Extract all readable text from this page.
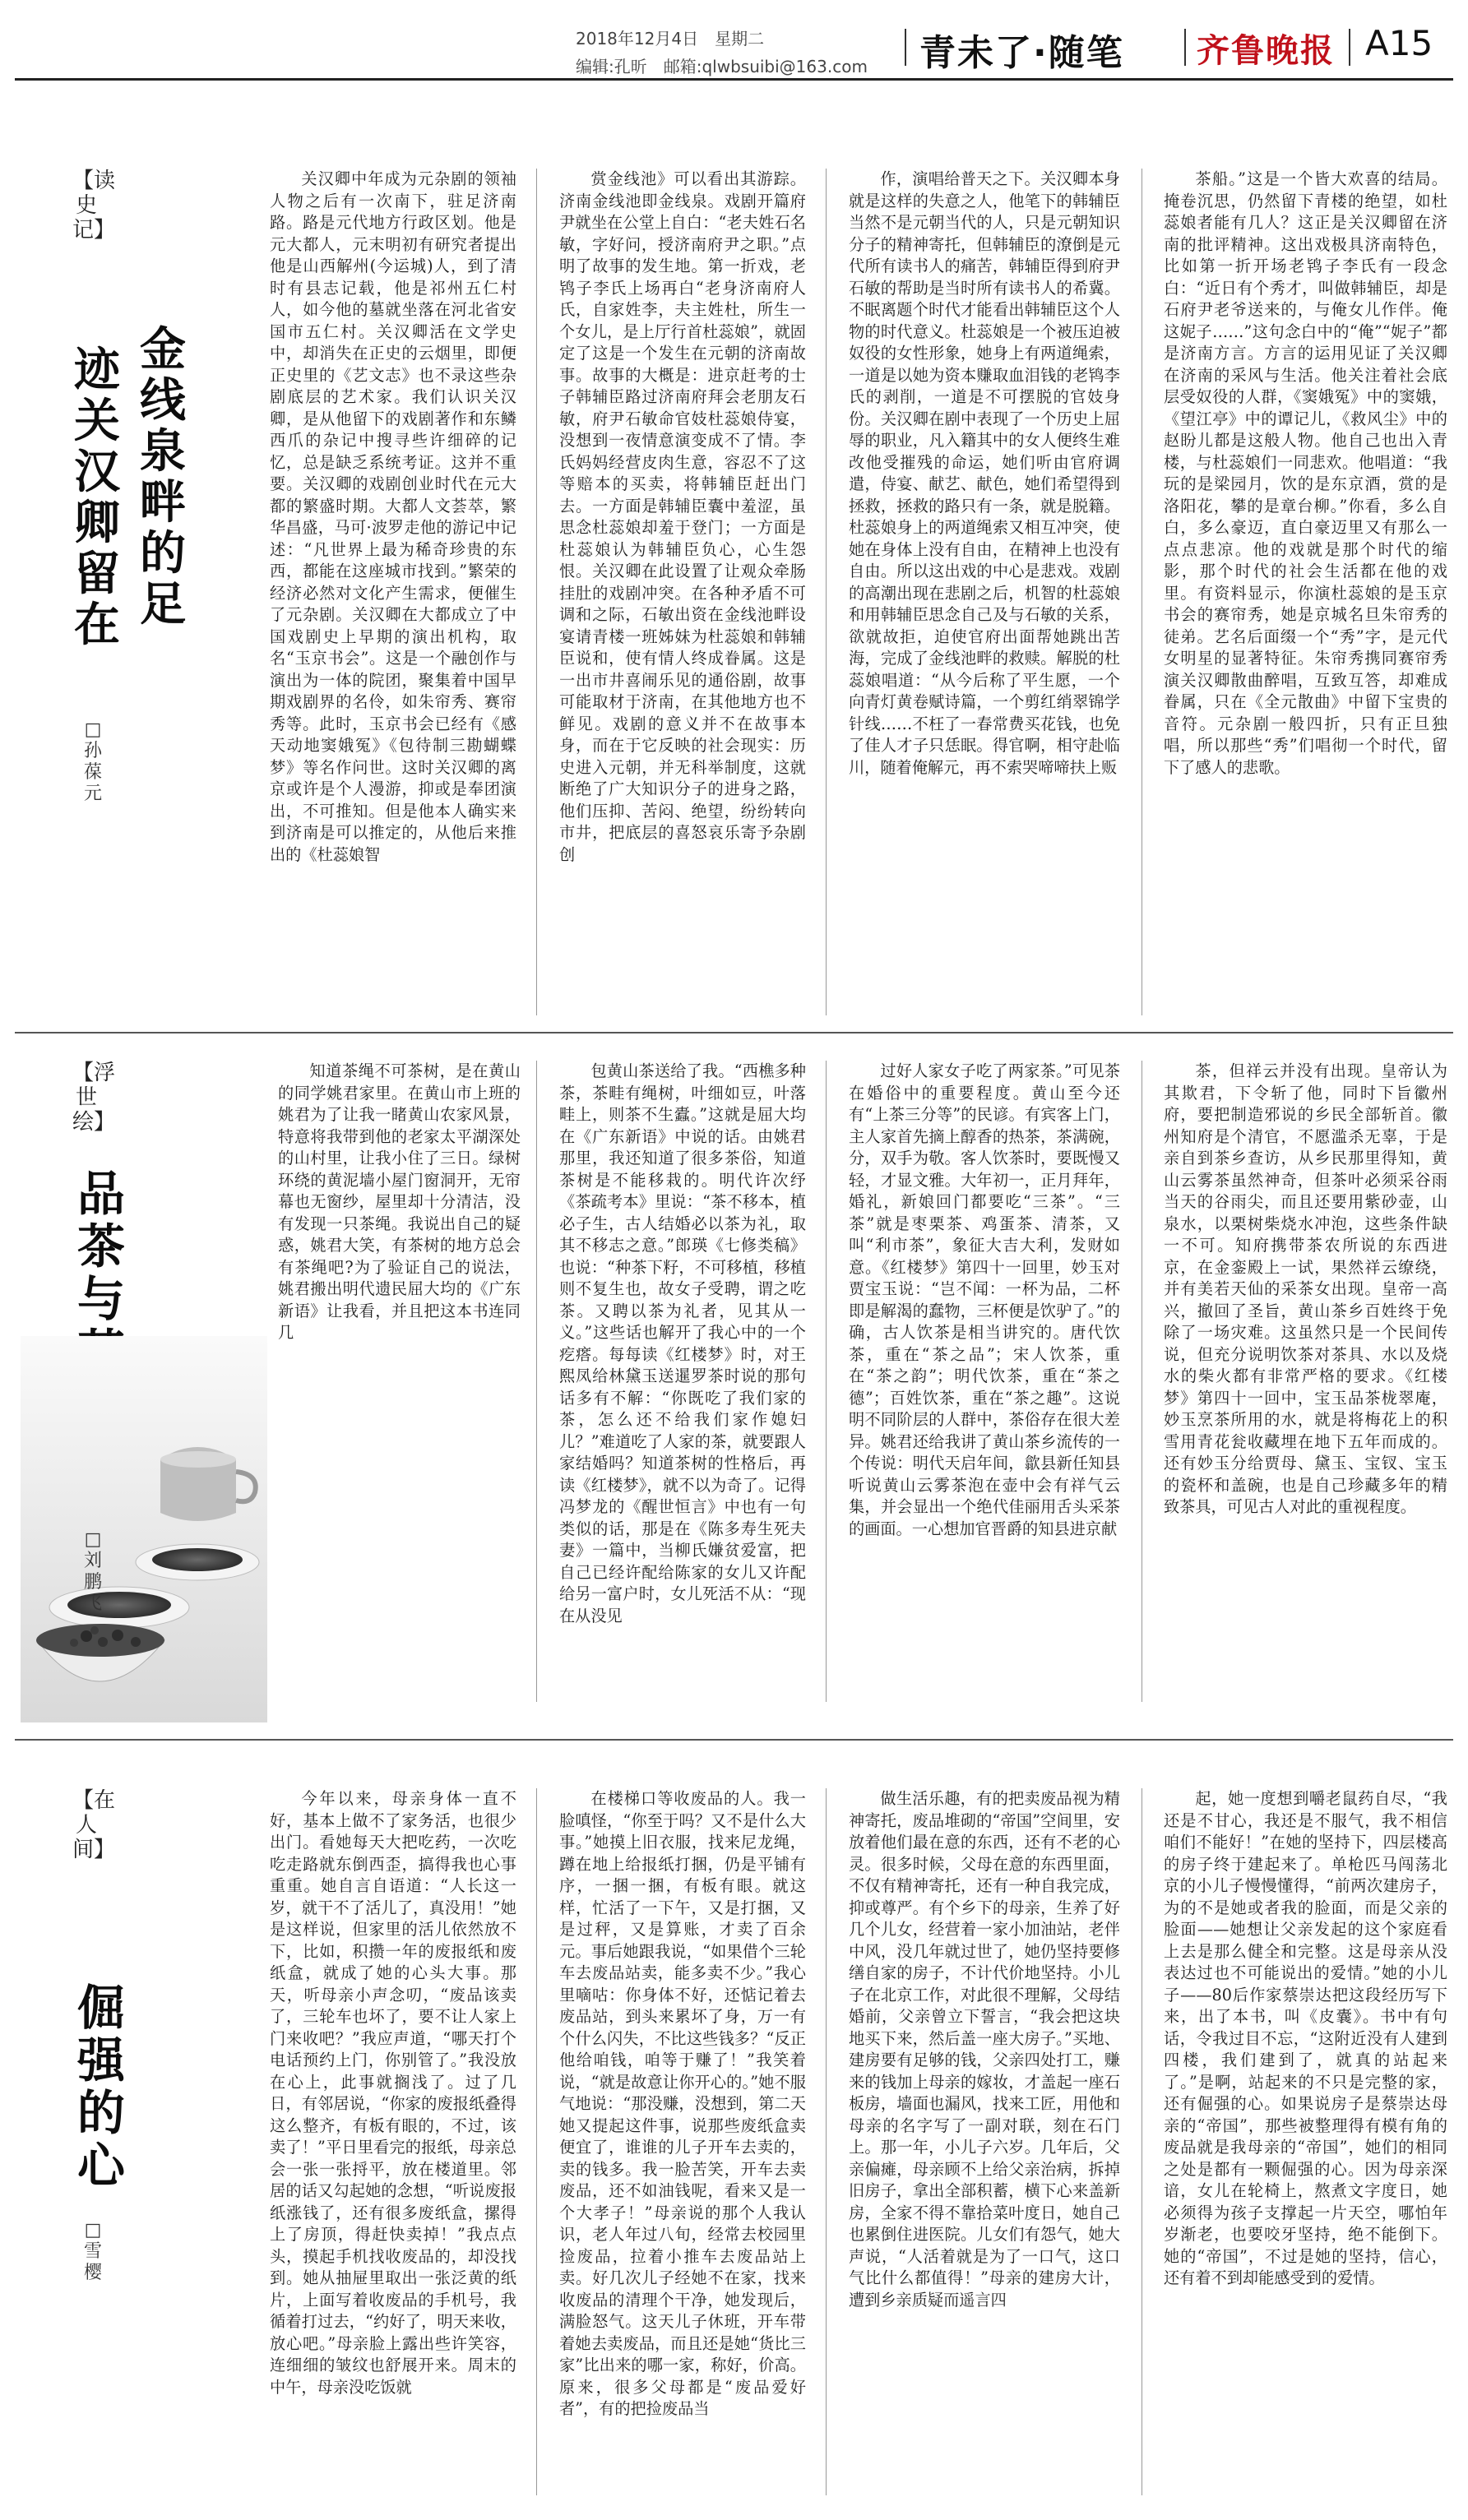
2018年12月4日　星期二
编辑:孔昕　邮箱:qlwbsuibi@163.com 青未了·随笔 齐鲁晚报 A15
【读史记】
金
线
泉
畔
的
足
迹
关
汉
卿
留
在
□孙葆元
关汉卿中年成为元杂剧的领袖人物之后有一次南下，驻足济南路。路是元代地方行政区划。他是元大都人，元末明初有研究者提出他是山西解州(今运城)人，到了清时有县志记载，他是祁州五仁村人，如今他的墓就坐落在河北省安国市五仁村。关汉卿活在文学史中，却消失在正史的云烟里，即便正史里的《艺文志》也不录这些杂剧底层的艺术家。我们认识关汉卿，是从他留下的戏剧著作和东鳞西爪的杂记中搜寻些许细碎的记忆，总是缺乏系统考证。这并不重要。关汉卿的戏剧创业时代在元大都的繁盛时期。大都人文荟萃，繁华昌盛，马可·波罗走他的游记中记述：“凡世界上最为稀奇珍贵的东西，都能在这座城市找到。”繁荣的经济必然对文化产生需求，便催生了元杂剧。关汉卿在大都成立了中国戏剧史上早期的演出机构，取名“玉京书会”。这是一个融创作与演出为一体的院团，聚集着中国早期戏剧界的名伶，如朱帘秀、赛帘秀等。此时，玉京书会已经有《感天动地窦娥冤》《包待制三勘蝴蝶梦》等名作问世。这时关汉卿的离京或许是个人漫游，抑或是奉团演出，不可推知。但是他本人确实来到济南是可以推定的，从他后来推出的《杜蕊娘智
赏金线池》可以看出其游踪。济南金线池即金线泉。戏剧开篇府尹就坐在公堂上自白：“老夫姓石名敏，字好问，授济南府尹之职。”点明了故事的发生地。第一折戏，老鸨子李氏上场再白“老身济南府人氏，自家姓李，夫主姓杜，所生一个女儿，是上厅行首杜蕊娘”，就固定了这是一个发生在元朝的济南故事。故事的大概是：进京赶考的士子韩辅臣路过济南府拜会老朋友石敏，府尹石敏命官妓杜蕊娘侍宴，没想到一夜情意演变成不了情。李氏妈妈经营皮肉生意，容忍不了这等赔本的买卖，将韩辅臣赶出门去。一方面是韩辅臣囊中羞涩，虽思念杜蕊娘却羞于登门；一方面是杜蕊娘认为韩辅臣负心，心生怨恨。关汉卿在此设置了让观众牵肠挂肚的戏剧冲突。在各种矛盾不可调和之际，石敏出资在金线池畔设宴请青楼一班姊妹为杜蕊娘和韩辅臣说和，使有情人终成眷属。这是一出市井喜闹乐见的通俗剧，故事可能取材于济南，在其他地方也不鲜见。戏剧的意义并不在故事本身，而在于它反映的社会现实：历史进入元朝，并无科举制度，这就断绝了广大知识分子的进身之路，他们压抑、苦闷、绝望，纷纷转向市井，把底层的喜怒哀乐寄予杂剧创
作，演唱给普天之下。关汉卿本身就是这样的失意之人，他笔下的韩辅臣当然不是元朝当代的人，只是元朝知识分子的精神寄托，但韩辅臣的潦倒是元代所有读书人的痛苦，韩辅臣得到府尹石敏的帮助是当时所有读书人的希冀。不眠离题个时代才能看出韩辅臣这个人物的时代意义。杜蕊娘是一个被压迫被奴役的女性形象，她身上有两道绳索，一道是以她为资本赚取血泪钱的老鸨李氏的剥削，一道是不可摆脱的官妓身份。关汉卿在剧中表现了一个历史上屈辱的职业，凡入籍其中的女人便终生难改他受摧残的命运，她们听由官府调遣，侍宴、献艺、献色，她们希望得到拯救，拯救的路只有一条，就是脱籍。杜蕊娘身上的两道绳索又相互冲突，使她在身体上没有自由，在精神上也没有自由。所以这出戏的中心是悲戏。戏剧的高潮出现在悲剧之后，机智的杜蕊娘和用韩辅臣思念自己及与石敏的关系，欲就故拒，迫使官府出面帮她跳出苦海，完成了金线池畔的救赎。解脱的杜蕊娘唱道：“从今后称了平生愿，一个向青灯黄卷赋诗篇，一个剪红绡翠锦学针线……不枉了一春常费买花钱，也免了佳人才子只恁眠。得官啊，相守赴临川，随着俺解元，再不索哭啼啼扶上贩
茶船。”这是一个皆大欢喜的结局。掩卷沉思，仍然留下青楼的绝望，如杜蕊娘者能有几人？这正是关汉卿留在济南的批评精神。这出戏极具济南特色，比如第一折开场老鸨子李氏有一段念白：“近日有个秀才，叫做韩辅臣，却是石府尹老爷送来的，与俺女儿作伴。俺这妮子……”这句念白中的“俺”“妮子”都是济南方言。方言的运用见证了关汉卿在济南的采风与生活。他关注着社会底层受奴役的人群，《窦娥冤》中的窦娥，《望江亭》中的谭记儿，《救风尘》中的赵盼儿都是这般人物。他自己也出入青楼，与杜蕊娘们一同悲欢。他唱道：“我玩的是梁园月，饮的是东京酒，赏的是洛阳花，攀的是章台柳。”你看，多么自白，多么豪迈，直白豪迈里又有那么一点点悲凉。他的戏就是那个时代的缩影，那个时代的社会生活都在他的戏里。有资料显示，你演杜蕊娘的是玉京书会的赛帘秀，她是京城名旦朱帘秀的徒弟。艺名后面缀一个“秀”字，是元代女明星的显著特征。朱帘秀携同赛帘秀演关汉卿散曲醉唱，互致互答，却难成眷属，只在《全元散曲》中留下宝贵的音符。元杂剧一般四折，只有正旦独唱，所以那些“秀”们唱彻一个时代，留下了感人的悲歌。
【浮世绘】
品
茶
与
□刘鹏飞
知道茶绳不可茶树，是在黄山的同学姚君家里。在黄山市上班的姚君为了让我一睹黄山农家风景，特意将我带到他的老家太平湖深处的山村里，让我小住了三日。绿树环绕的黄泥墙小屋门窗洞开，无帘幕也无窗纱，屋里却十分清洁，没有发现一只茶绳。我说出自己的疑惑，姚君大笑，有茶树的地方总会有茶绳吧?为了验证自己的说法，姚君搬出明代遗民屈大均的《广东新语》让我看，并且把这本书连同几
包黄山茶送给了我。“西樵多种茶，茶畦有绳树，叶细如豆，叶落畦上，则茶不生蠹。”这就是屈大均在《广东新语》中说的话。由姚君那里，我还知道了很多茶俗，知道茶树是不能移栽的。明代许次纾《茶疏考本》里说：“茶不移本，植必子生，古人结婚必以茶为礼，取其不移志之意。”郎瑛《七修类稿》也说：“种茶下籽，不可移植，移植则不复生也，故女子受聘，谓之吃茶。又聘以茶为礼者，见其从一义。”这些话也解开了我心中的一个疙瘩。每每读《红楼梦》时，对王熙凤给林黛玉送暹罗茶时说的那句话多有不解：“你既吃了我们家的茶，怎么还不给我们家作媳妇儿？”难道吃了人家的茶，就要跟人家结婚吗？知道茶树的性格后，再读《红楼梦》，就不以为奇了。记得冯梦龙的《醒世恒言》中也有一句类似的话，那是在《陈多寿生死夫妻》一篇中，当柳氏嫌贫爱富，把自己已经许配给陈家的女儿又许配给另一富户时，女儿死活不从：“现在从没见
过好人家女子吃了两家茶。”可见茶在婚俗中的重要程度。黄山至今还有“上茶三分等”的民谚。有宾客上门，主人家首先摘上醇香的热茶，茶满碗，分，双手为敬。客人饮茶时，要既慢又轻，才显文雅。大年初一，正月拜年，婚礼，新娘回门都要吃“三茶”。“三茶”就是枣栗茶、鸡蛋茶、清茶，又叫“利市茶”，象征大吉大利，发财如意。《红楼梦》第四十一回里，妙玉对贾宝玉说：“岂不闻：一杯为品，二杯即是解渴的蠢物，三杯便是饮驴了。”的确，古人饮茶是相当讲究的。唐代饮茶，重在“茶之品”；宋人饮茶，重在“茶之韵”；明代饮茶，重在“茶之德”；百姓饮茶，重在“茶之趣”。这说明不同阶层的人群中，茶俗存在很大差异。姚君还给我讲了黄山茶乡流传的一个传说：明代天启年间，歙县新任知县听说黄山云雾茶泡在壶中会有祥气云集，并会显出一个绝代佳丽用舌头采茶的画面。一心想加官晋爵的知县进京献
茶，但祥云并没有出现。皇帝认为其欺君，下令斩了他，同时下旨徽州府，要把制造邪说的乡民全部斩首。徽州知府是个清官，不愿滥杀无辜，于是亲自到茶乡查访，从乡民那里得知，黄山云雾茶虽然神奇，但茶叶必须采谷雨当天的谷雨尖，而且还要用紫砂壶，山泉水，以栗树柴烧水冲泡，这些条件缺一不可。知府携带茶农所说的东西进京，在金銮殿上一试，果然祥云缭绕，并有美若天仙的采茶女出现。皇帝一高兴，撤回了圣旨，黄山茶乡百姓终于免除了一场灾难。这虽然只是一个民间传说，但充分说明饮茶对茶具、水以及烧水的柴火都有非常严格的要求。《红楼梦》第四十一回中，宝玉品茶栊翠庵，妙玉烹茶所用的水，就是将梅花上的积雪用青花瓮收藏埋在地下五年而成的。还有妙玉分给贾母、黛玉、宝钗、宝玉的瓷杯和盖碗，也是自己珍藏多年的精致茶具，可见古人对此的重视程度。
【在人间】
倔
强
的
心
□雪樱
今年以来，母亲身体一直不好，基本上做不了家务活，也很少出门。看她每天大把吃药，一次吃吃走路就东倒西歪，搞得我也心事重重。她自言自语道：“人长这一岁，就干不了活儿了，真没用！”她是这样说，但家里的活儿依然放不下，比如，积攒一年的废报纸和废纸盒，就成了她的心头大事。那天，听母亲小声念叨，“废品该卖了，三轮车也坏了，要不让人家上门来收吧？”我应声道，“哪天打个电话预约上门，你别管了。”我没放在心上，此事就搁浅了。过了几日，有邻居说，“你家的废报纸叠得这么整齐，有板有眼的，不过，该卖了！”平日里看完的报纸，母亲总会一张一张捋平，放在楼道里。邻居的话又勾起她的念想，“听说废报纸涨钱了，还有很多废纸盒，摞得上了房顶，得赶快卖掉！”我点点头，摸起手机找收废品的，却没找到。她从抽屉里取出一张泛黄的纸片，上面写着收废品的手机号，我循着打过去，“约好了，明天来收，放心吧。”母亲脸上露出些许笑容，连细细的皱纹也舒展开来。周末的中午，母亲没吃饭就
在楼梯口等收废品的人。我一脸嗔怪，“你至于吗？又不是什么大事。”她摸上旧衣服，找来尼龙绳，蹲在地上给报纸打捆，仍是平铺有序，一捆一捆，有板有眼。就这样，忙活了一下午，又是打捆，又是过秤，又是算账，才卖了百余元。事后她跟我说，“如果借个三轮车去废品站卖，能多卖不少。”我心里嘀咕：你身体不好，还惦记着去废品站，到头来累坏了身，万一有个什么闪失，不比这些钱多？“反正他给咱钱，咱等于赚了！”我笑着说，“就是故意让你开心的。”她不服气地说：“那没赚，没想到，第二天她又提起这件事，说那些废纸盒卖便宜了，谁谁的儿子开车去卖的，卖的钱多。我一脸苦笑，开车去卖废品，还不如油钱呢，看来又是一个大孝子！”母亲说的那个人我认识，老人年过八旬，经常去校园里捡废品，拉着小推车去废品站上卖。好几次儿子经她不在家，找来收废品的清理个干净，她发现后，满脸怒气。这天儿子休班，开车带着她去卖废品，而且还是她“货比三家”比出来的哪一家，称好，价高。原来，很多父母都是“废品爱好者”，有的把捡废品当
做生活乐趣，有的把卖废品视为精神寄托，废品堆砌的“帝国”空间里，安放着他们最在意的东西，还有不老的心灵。很多时候，父母在意的东西里面，不仅有精神寄托，还有一种自我完成，抑或尊严。有个乡下的母亲，生养了好几个儿女，经营着一家小加油站，老伴中风，没几年就过世了，她仍坚持要修缮自家的房子，不计代价地坚持。小儿子在北京工作，对此很不理解，父母结婚前，父亲曾立下誓言，“我会把这块地买下来，然后盖一座大房子。”买地、建房要有足够的钱，父亲四处打工，赚来的钱加上母亲的嫁妆，才盖起一座石板房，墙面也漏风，找来工匠，用他和母亲的名字写了一副对联，刻在石门上。那一年，小儿子六岁。几年后，父亲偏瘫，母亲顾不上给父亲治病，拆掉旧房子，拿出全部积蓄，横下心来盖新房，全家不得不靠拾菜叶度日，她自己也累倒住进医院。儿女们有怨气，她大声说，“人活着就是为了一口气，这口气比什么都值得！”母亲的建房大计，遭到乡亲质疑而遥言四
起，她一度想到嚼老鼠药自尽，“我还是不甘心，我还是不服气，我不相信咱们不能好！”在她的坚持下，四层楼高的房子终于建起来了。单枪匹马闯荡北京的小儿子慢慢懂得，“前两次建房子，为的不是她或者我的脸面，而是父亲的脸面——她想让父亲发起的这个家庭看上去是那么健全和完整。这是母亲从没表达过也不可能说出的爱情。”她的小儿子——80后作家蔡崇达把这段经历写下来，出了本书，叫《皮囊》。书中有句话，令我过目不忘，“这附近没有人建到四楼，我们建到了，就真的站起来了。”是啊，站起来的不只是完整的家，还有倔强的心。如果说房子是蔡崇达母亲的“帝国”，那些被整理得有模有角的废品就是我母亲的“帝国”，她们的相同之处是都有一颗倔强的心。因为母亲深谙，女儿在轮椅上，熬煮文字度日，她必须得为孩子支撑起一片天空，哪怕年岁渐老，也要咬牙坚持，绝不能倒下。她的“帝国”，不过是她的坚持，信心，还有着不到却能感受到的爱情。
